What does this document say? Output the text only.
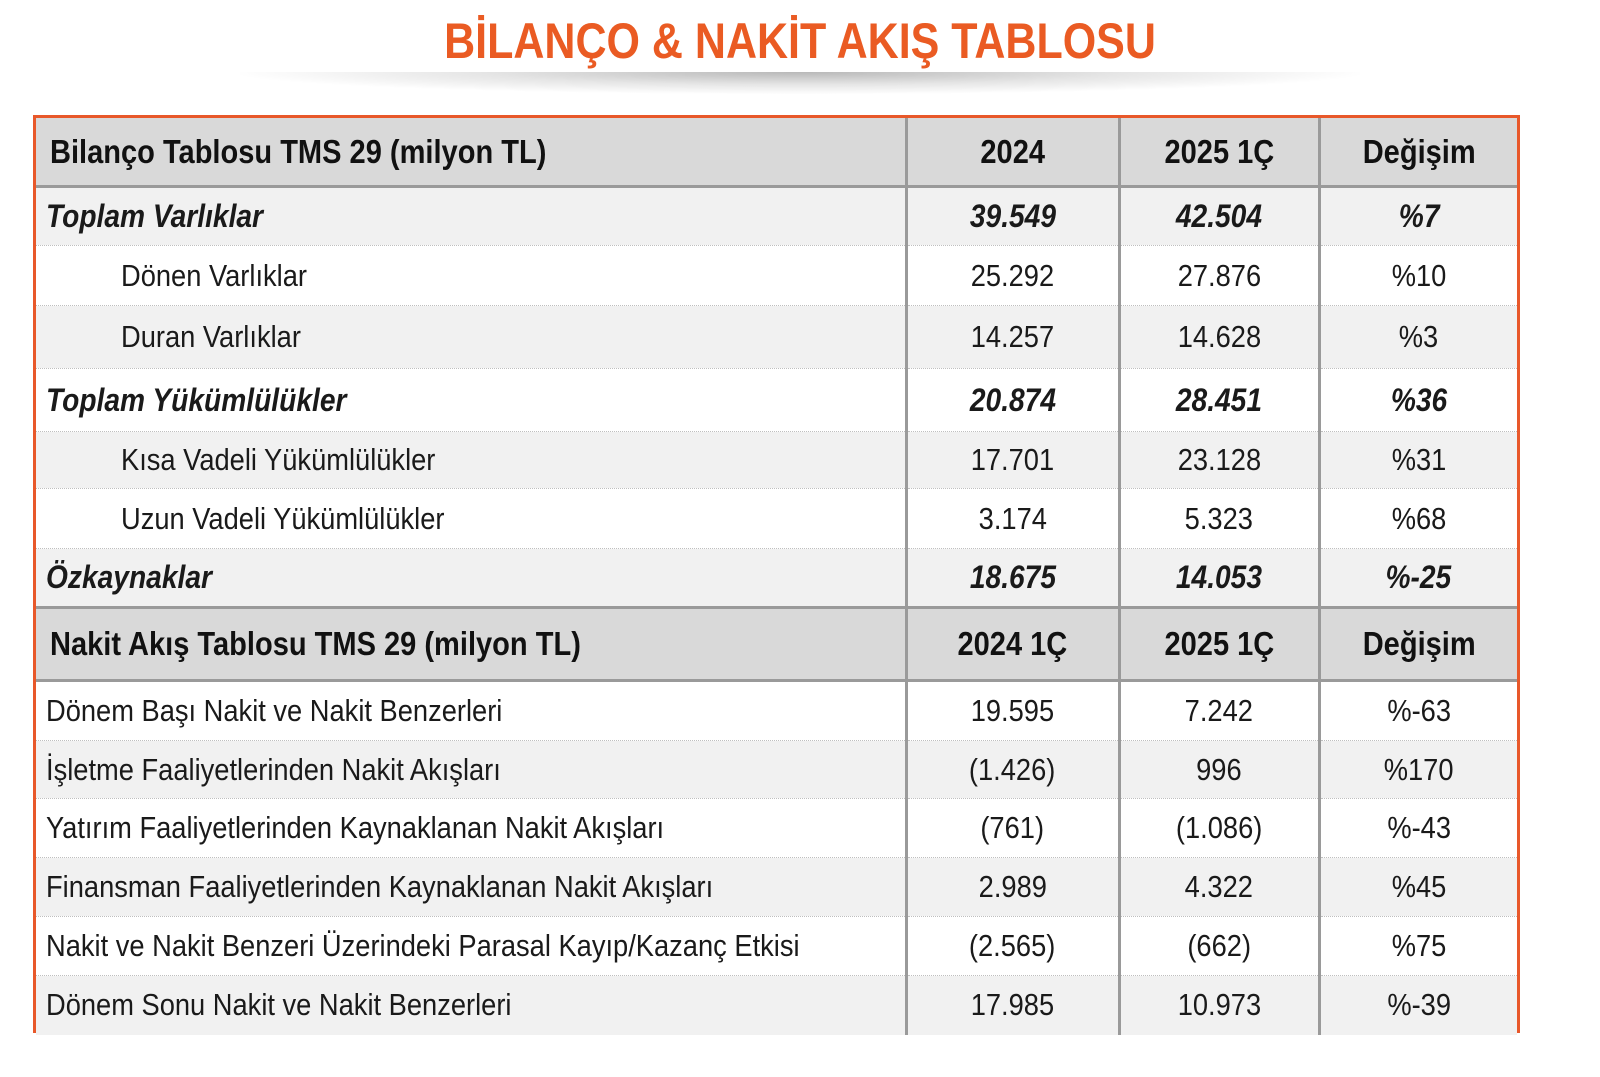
BİLANÇO & NAKİT AKIŞ TABLOSU
Bilanço Tablosu TMS 29 (milyon TL)	2024	2025 1Ç	Değişim
Toplam Varlıklar	39.549	42.504	%7
Dönen Varlıklar	25.292	27.876	%10
Duran Varlıklar	14.257	14.628	%3
Toplam Yükümlülükler	20.874	28.451	%36
Kısa Vadeli Yükümlülükler	17.701	23.128	%31
Uzun Vadeli Yükümlülükler	3.174	5.323	%68
Özkaynaklar	18.675	14.053	%-25
Nakit Akış Tablosu TMS 29 (milyon TL)	2024 1Ç	2025 1Ç	Değişim
Dönem Başı Nakit ve Nakit Benzerleri	19.595	7.242	%-63
İşletme Faaliyetlerinden Nakit Akışları	(1.426)	996	%170
Yatırım Faaliyetlerinden Kaynaklanan Nakit Akışları	(761)	(1.086)	%-43
Finansman Faaliyetlerinden Kaynaklanan Nakit Akışları	2.989	4.322	%45
Nakit ve Nakit Benzeri Üzerindeki Parasal Kayıp/Kazanç Etkisi	(2.565)	(662)	%75
Dönem Sonu Nakit ve Nakit Benzerleri	17.985	10.973	%-39
